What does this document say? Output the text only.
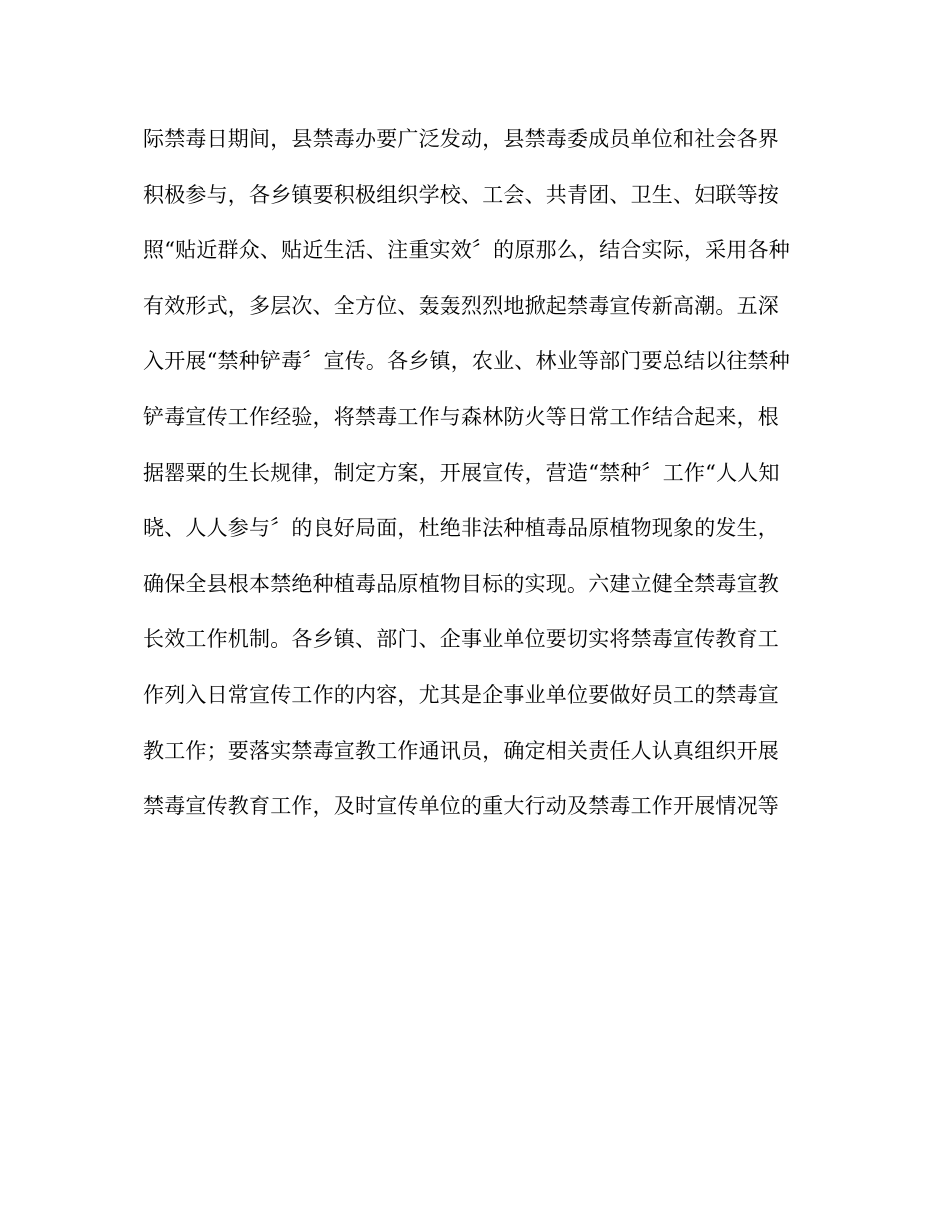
际禁毒日期间，县禁毒办要广泛发动，县禁毒委成员单位和社会各界
积极参与，各乡镇要积极组织学校、工会、共青团、卫生、妇联等按
照“贴近群众、贴近生活、注重实效〞的原那么，结合实际，采用各种
有效形式，多层次、全方位、轰轰烈烈地掀起禁毒宣传新高潮。五深
入开展“禁种铲毒〞宣传。各乡镇，农业、林业等部门要总结以往禁种
铲毒宣传工作经验，将禁毒工作与森林防火等日常工作结合起来，根
据罂粟的生长规律，制定方案，开展宣传，营造“禁种〞工作“人人知
晓、人人参与〞的良好局面，杜绝非法种植毒品原植物现象的发生，
确保全县根本禁绝种植毒品原植物目标的实现。六建立健全禁毒宣教
长效工作机制。各乡镇、部门、企事业单位要切实将禁毒宣传教育工
作列入日常宣传工作的内容，尤其是企事业单位要做好员工的禁毒宣
教工作；要落实禁毒宣教工作通讯员，确定相关责任人认真组织开展
禁毒宣传教育工作，及时宣传单位的重大行动及禁毒工作开展情况等
